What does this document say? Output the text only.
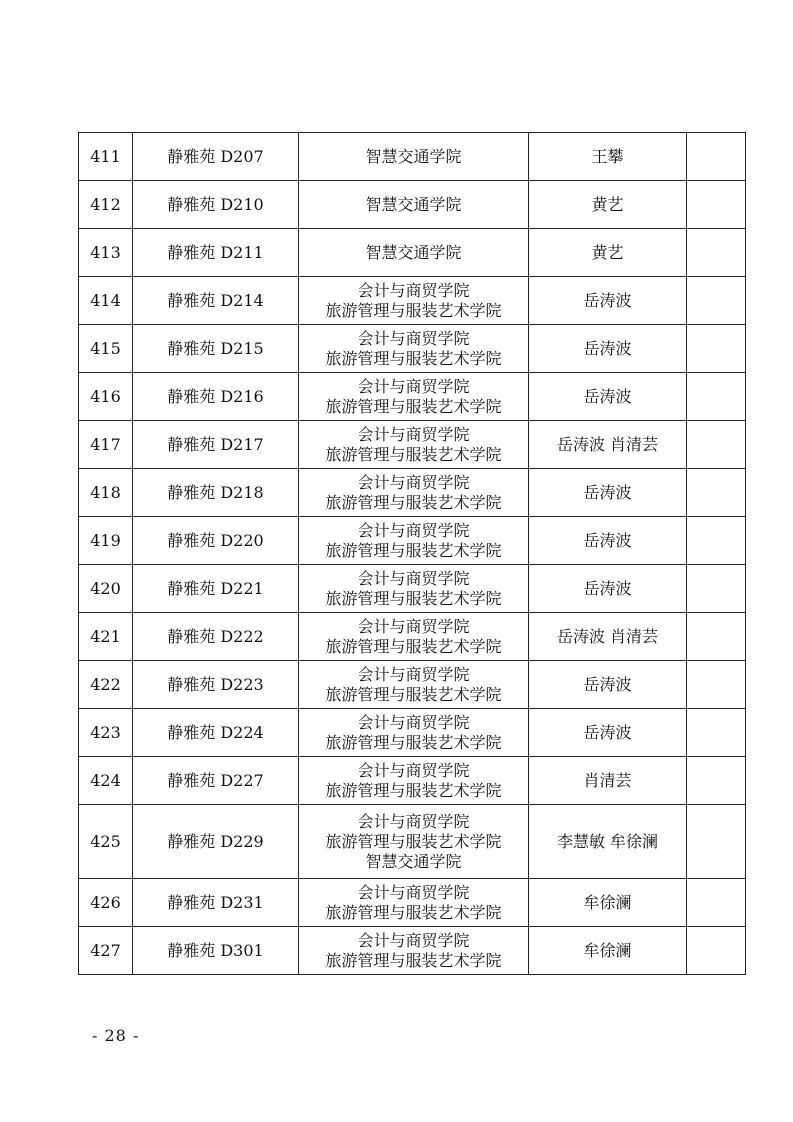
411	静雅苑 D207	智慧交通学院	王攀	
412	静雅苑 D210	智慧交通学院	黄艺	
413	静雅苑 D211	智慧交通学院	黄艺	
414	静雅苑 D214	会计与商贸学院
旅游管理与服装艺术学院	岳涛波	
415	静雅苑 D215	会计与商贸学院
旅游管理与服装艺术学院	岳涛波	
416	静雅苑 D216	会计与商贸学院
旅游管理与服装艺术学院	岳涛波	
417	静雅苑 D217	会计与商贸学院
旅游管理与服装艺术学院	岳涛波 肖清芸	
418	静雅苑 D218	会计与商贸学院
旅游管理与服装艺术学院	岳涛波	
419	静雅苑 D220	会计与商贸学院
旅游管理与服装艺术学院	岳涛波	
420	静雅苑 D221	会计与商贸学院
旅游管理与服装艺术学院	岳涛波	
421	静雅苑 D222	会计与商贸学院
旅游管理与服装艺术学院	岳涛波 肖清芸	
422	静雅苑 D223	会计与商贸学院
旅游管理与服装艺术学院	岳涛波	
423	静雅苑 D224	会计与商贸学院
旅游管理与服装艺术学院	岳涛波	
424	静雅苑 D227	会计与商贸学院
旅游管理与服装艺术学院	肖清芸	
425	静雅苑 D229	会计与商贸学院
旅游管理与服装艺术学院
智慧交通学院	李慧敏 牟徐澜	
426	静雅苑 D231	会计与商贸学院
旅游管理与服装艺术学院	牟徐澜	
427	静雅苑 D301	会计与商贸学院
旅游管理与服装艺术学院	牟徐澜	
- 28 -
